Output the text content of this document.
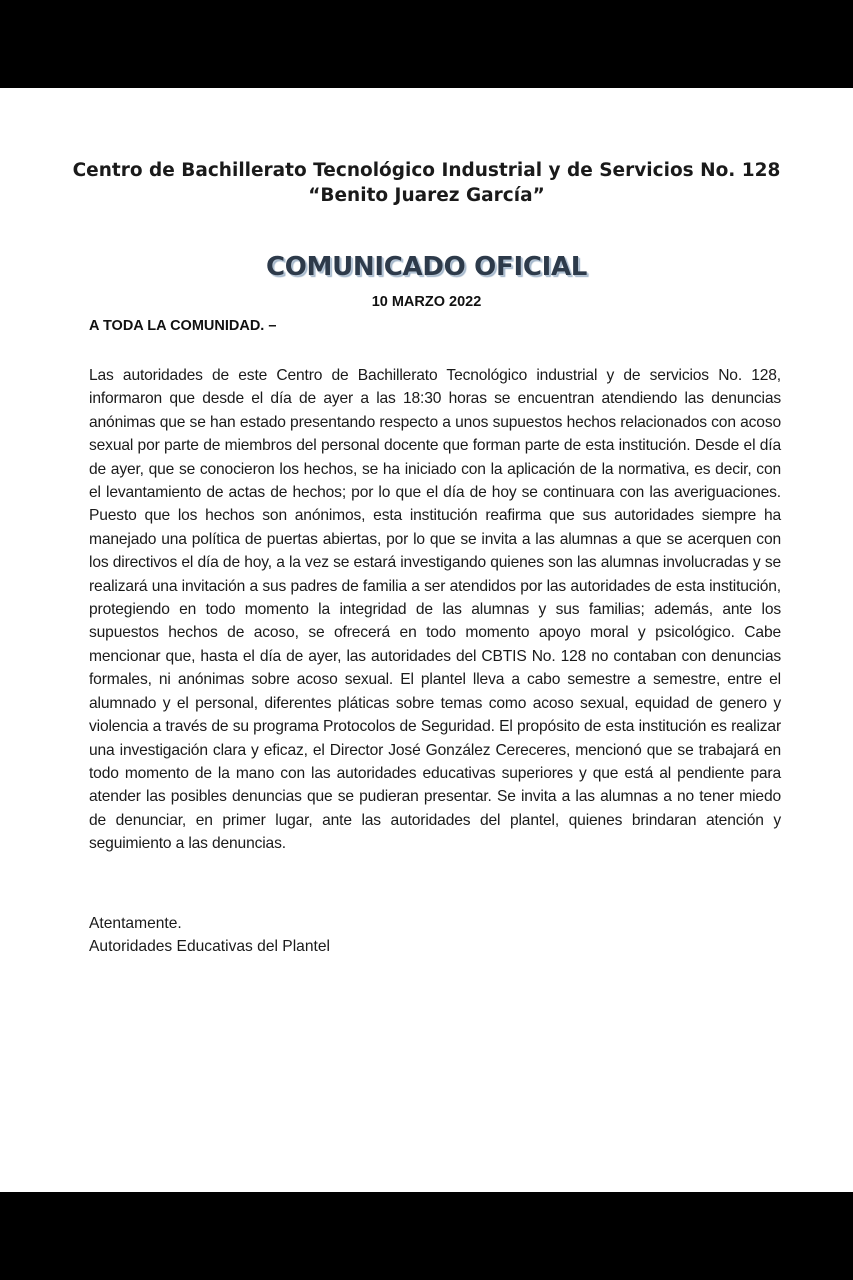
Centro de Bachillerato Tecnológico Industrial y de Servicios No. 128
“Benito Juarez García”
COMUNICADO OFICIAL
10 MARZO 2022
A TODA LA COMUNIDAD. –
Las autoridades de este Centro de Bachillerato Tecnológico industrial y de servicios No. 128, informaron que desde el día de ayer a las 18:30 horas se encuentran atendiendo las denuncias anónimas que se han estado presentando respecto a unos supuestos hechos relacionados con acoso sexual por parte de miembros del personal docente que forman parte de esta institución. Desde el día de ayer, que se conocieron los hechos, se ha iniciado con la aplicación de la normativa, es decir, con el levantamiento de actas de hechos; por lo que el día de hoy se continuara con las averiguaciones. Puesto que los hechos son anónimos, esta institución reafirma que sus autoridades siempre ha manejado una política de puertas abiertas, por lo que se invita a las alumnas a que se acerquen con los directivos el día de hoy, a la vez se estará investigando quienes son las alumnas involucradas y se realizará una invitación a sus padres de familia a ser atendidos por las autoridades de esta institución, protegiendo en todo momento la integridad de las alumnas y sus familias; además, ante los supuestos hechos de acoso, se ofrecerá en todo momento apoyo moral y psicológico. Cabe mencionar que, hasta el día de ayer, las autoridades del CBTIS No. 128 no contaban con denuncias formales, ni anónimas sobre acoso sexual. El plantel lleva a cabo semestre a semestre, entre el alumnado y el personal, diferentes pláticas sobre temas como acoso sexual, equidad de genero y violencia a través de su programa Protocolos de Seguridad. El propósito de esta institución es realizar una investigación clara y eficaz, el Director José González Cereceres, mencionó que se trabajará en todo momento de la mano con las autoridades educativas superiores y que está al pendiente para atender las posibles denuncias que se pudieran presentar. Se invita a las alumnas a no tener miedo de denunciar, en primer lugar, ante las autoridades del plantel, quienes brindaran atención y seguimiento a las denuncias.
Atentamente.
Autoridades Educativas del Plantel
